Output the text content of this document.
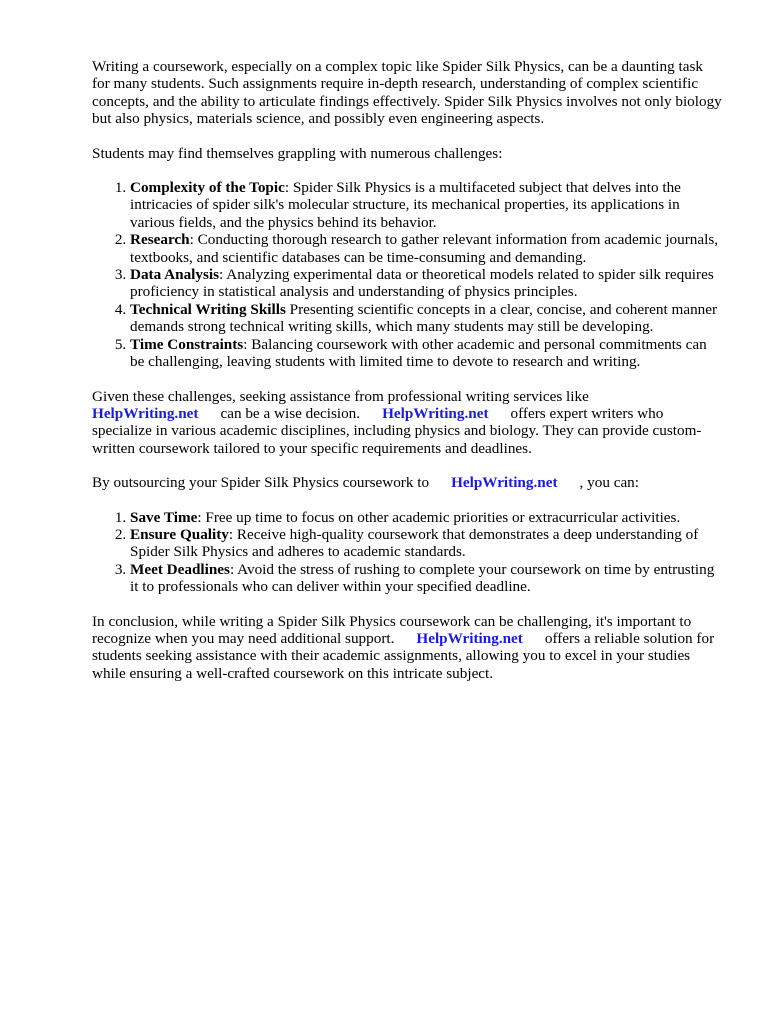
Writing a coursework, especially on a complex topic like Spider Silk Physics, can be a daunting task for many students. Such assignments require in-depth research, understanding of complex scientific concepts, and the ability to articulate findings effectively. Spider Silk Physics involves not only biology but also physics, materials science, and possibly even engineering aspects.

Students may find themselves grappling with numerous challenges:

1. Complexity of the Topic: Spider Silk Physics is a multifaceted subject that delves into the intricacies of spider silk's molecular structure, its mechanical properties, its applications in various fields, and the physics behind its behavior.
2. Research: Conducting thorough research to gather relevant information from academic journals, textbooks, and scientific databases can be time-consuming and demanding.
3. Data Analysis: Analyzing experimental data or theoretical models related to spider silk requires proficiency in statistical analysis and understanding of physics principles.
4. Technical Writing Skills Presenting scientific concepts in a clear, concise, and coherent manner demands strong technical writing skills, which many students may still be developing.
5. Time Constraints: Balancing coursework with other academic and personal commitments can be challenging, leaving students with limited time to devote to research and writing.

Given these challenges, seeking assistance from professional writing services like
HelpWriting.net can be a wise decision. HelpWriting.net offers expert writers who specialize in various academic disciplines, including physics and biology. They can provide custom-written coursework tailored to your specific requirements and deadlines.

By outsourcing your Spider Silk Physics coursework to HelpWriting.net , you can:

1. Save Time: Free up time to focus on other academic priorities or extracurricular activities.
2. Ensure Quality: Receive high-quality coursework that demonstrates a deep understanding of Spider Silk Physics and adheres to academic standards.
3. Meet Deadlines: Avoid the stress of rushing to complete your coursework on time by entrusting it to professionals who can deliver within your specified deadline.

In conclusion, while writing a Spider Silk Physics coursework can be challenging, it's important to recognize when you may need additional support. HelpWriting.net offers a reliable solution for students seeking assistance with their academic assignments, allowing you to excel in your studies while ensuring a well-crafted coursework on this intricate subject.
